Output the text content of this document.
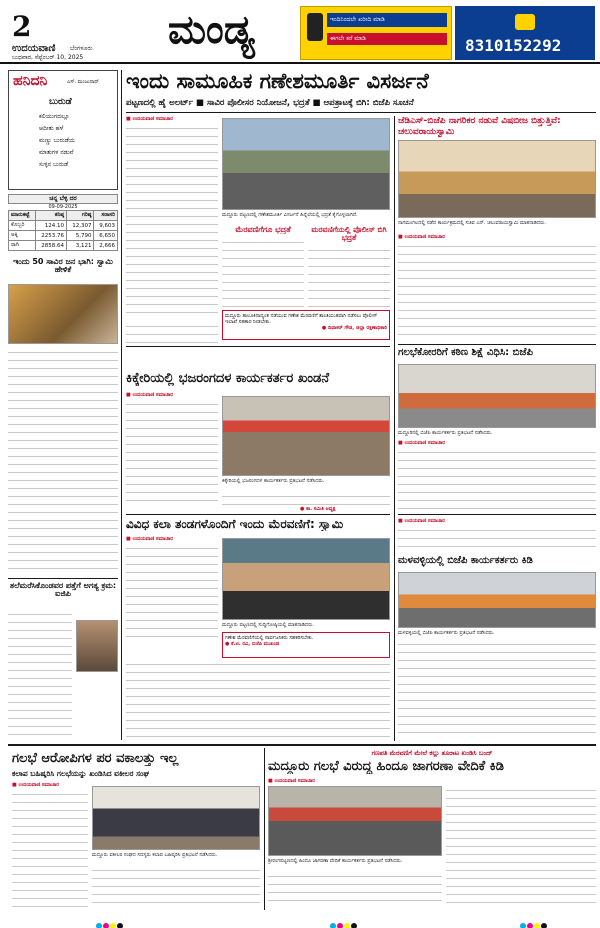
2
ಉದಯವಾಣಿ ಬೆಂಗಳೂರು
ಬುಧವಾರ, ಸೆಪ್ಟೆಂಬರ್ 10, 2025
ಮಂಡ್ಯ	ಇಂದಿನಿಂದಲೇ ಖರೀದಿ ಮಾಡಿ
ಈಗಲೇ ಕರೆ ಮಾಡಿ	8310152292
ಹನಿದನಿ	ಎಸ್. ಮಂಜುನಾಥ್
ಬುರುಡೆ
ಕಲಿಯುಗದಲ್ಲೂ
ಆದೀತು ಹಳೆ
ಮಣ್ಣು ಬುರುಡೆಯ
ಮಾತುಗಳ ನಡುವೆ
ಸುಳ್ಳಿನ ಬುರುಡೆ
ಚಿನ್ನ ಬೆಳ್ಳಿ ದರ
09-09-2025
ಮಾರುಕಟ್ಟೆ	ಕನಿಷ್ಠ	ಗರಿಷ್ಠ	ಸರಾಸರಿ
ಕೊಬ್ಬರಿ	124.10	12,307	9,603
ಅಕ್ಕಿ	2253.76	5,790	6,650
ರಾಗಿ	2858.64	3,121	2,666
ಇಂದು 50 ಸಾವಿರ ಜನ ಭಾಗಿ: ಸ್ವಾಮಿ ಹೇಳಿಕೆ
ತಲೆಮರೆಸಿಕೊಂಡವರ ಪತ್ತೆಗೆ ಅಗತ್ಯ ಕ್ರಮ: ಐಜಿಪಿ
ಇಂದು ಸಾಮೂಹಿಕ ಗಣೇಶಮೂರ್ತಿ ವಿಸರ್ಜನೆ
ಪಟ್ಟಣದಲ್ಲಿ ಹೈ ಅಲರ್ಟ್ ■ ಸಾವಿರ ಪೊಲೀಸರ ನಿಯೋಜನೆ, ಭದ್ರತೆ ■ ಆಪತ್ರಾಟಕ್ಕೆ ಬಿಗಿ: ಬಿಜೆಪಿ ಸೂಚನೆ
■ ಉದಯವಾಣಿ ಸಮಾಚಾರ
ಮದ್ದೂರು ಪಟ್ಟಣದಲ್ಲಿ ಗಣೇಶಮೂರ್ತಿ ವಿಸರ್ಜನೆ ಹಿನ್ನೆಲೆಯಲ್ಲಿ ಭದ್ರತೆ ಕೈಗೊಳ್ಳಲಾಗಿದೆ.
ಮೆರವಣಿಗೆಗೂ ಭದ್ರತೆ	ಮರವಣಿಗೆಯಲ್ಲಿ ಪೊಲೀಸ್ ಬಿಗಿ ಭದ್ರತೆ
ಮದ್ದೂರು ತಾಲೂಕಿನಾದ್ಯಂತ ನಡೆಯುವ ಗಣೇಶ ಮೆರವಣಿಗೆ ಶಾಂತಿಯುತವಾಗಿ ನಡೆಸಲು ಪೊಲೀಸ್ ಇಲಾಖೆ ಸಹಕಾರ ನೀಡಬೇಕು.
● ದಿವಾಕರ್ ಗೌಡ, ಜಿಲ್ಲಾ ರಕ್ಷಣಾಧಿಕಾರಿ
ಜೆಡಿಎಸ್-ಬಿಜೆಪಿ ನಾಗರಿಕರ ನಡುವೆ ವಿಷಬೀಜ ಬಿತ್ತುತ್ತಿವೆ: ಚಲುವರಾಯಸ್ವಾಮಿ
ನಾಗಮಂಗಲದಲ್ಲಿ ನಡೆದ ಕಾರ್ಯಕ್ರಮದಲ್ಲಿ ಸಚಿವ ಎನ್. ಚಲುವರಾಯಸ್ವಾಮಿ ಮಾತನಾಡಿದರು.
■ ಉದಯವಾಣಿ ಸಮಾಚಾರ
ಕಿಕ್ಕೇರಿಯಲ್ಲಿ ಭಜರಂಗದಳ ಕಾರ್ಯಕರ್ತರ ಖಂಡನೆ
■ ಉದಯವಾಣಿ ಸಮಾಚಾರ
ಕಿಕ್ಕೇರಿಯಲ್ಲಿ ಭಜರಂಗದಳ ಕಾರ್ಯಕರ್ತರು ಪ್ರತಿಭಟನೆ ನಡೆಸಿದರು.
● ಕಾ. ಸಮಿತಿ ಅಧ್ಯಕ್ಷ
ಗಲಭೆಕೋರರಿಗೆ ಕಠಿಣ ಶಿಕ್ಷೆ ವಿಧಿಸಿ: ಬಿಜೆಪಿ
ಮದ್ದೂರಿನಲ್ಲಿ ಬಿಜೆಪಿ ಕಾರ್ಯಕರ್ತರು ಪ್ರತಿಭಟನೆ ನಡೆಸಿದರು.
■ ಉದಯವಾಣಿ ಸಮಾಚಾರ
ವಿವಿಧ ಕಲಾ ತಂಡಗಳೊಂದಿಗೆ ಇಂದು ಮೆರವಣಿಗೆ: ಸ್ವಾಮಿ
■ ಉದಯವಾಣಿ ಸಮಾಚಾರ
ಮದ್ದೂರು ಪಟ್ಟಣದಲ್ಲಿ ಸುದ್ದಿಗೋಷ್ಠಿಯಲ್ಲಿ ಮಾತನಾಡಿದರು.
ಗಣೇಶ ಮೆರವಣಿಗೆಯಲ್ಲಿ ಸಾರ್ವಜನಿಕರು ಸಹಕರಿಸಬೇಕು.
● ಕೆ.ಟಿ. ರವಿ, ಬಿಜೆಪಿ ಮುಖಂಡ
■ ಉದಯವಾಣಿ ಸಮಾಚಾರ
ಮಳವಳ್ಳಿಯಲ್ಲಿ ಬಿಜೆಪಿ ಕಾರ್ಯಕರ್ತರು ಕಿಡಿ
ಮಳವಳ್ಳಿಯಲ್ಲಿ ಬಿಜೆಪಿ ಕಾರ್ಯಕರ್ತರು ಪ್ರತಿಭಟನೆ ನಡೆಸಿದರು.
ಗಲಭೆ ಆರೋಪಿಗಳ ಪರ ವಕಾಲತ್ತು ಇಲ್ಲ
ಕಲಾಪ ಬಹಿಷ್ಕರಿಸಿ ಗಲಭೆಯನ್ನು ಖಂಡಿಸಿದ ವಕೀಲರ ಸಂಘ
■ ಉದಯವಾಣಿ ಸಮಾಚಾರ
ಮದ್ದೂರು ವಕೀಲರ ಸಂಘದ ಸದಸ್ಯರು ಕಲಾಪ ಬಹಿಷ್ಕರಿಸಿ ಪ್ರತಿಭಟನೆ ನಡೆಸಿದರು.
ಗಣಪತಿ ಮೆರವಣಿಗೆ ಮೇಲೆ ಕಲ್ಲು ತೂರಾಟ ಖಂಡಿಸಿ ಬಂದ್
ಮದ್ದೂರು ಗಲಭೆ ವಿರುದ್ಧ ಹಿಂದೂ ಜಾಗರಣಾ ವೇದಿಕೆ ಕಿಡಿ
■ ಉದಯವಾಣಿ ಸಮಾಚಾರ
ಶ್ರೀರಂಗಪಟ್ಟಣದಲ್ಲಿ ಹಿಂದೂ ಜಾಗರಣಾ ವೇದಿಕೆ ಕಾರ್ಯಕರ್ತರು ಪ್ರತಿಭಟನೆ ನಡೆಸಿದರು.
